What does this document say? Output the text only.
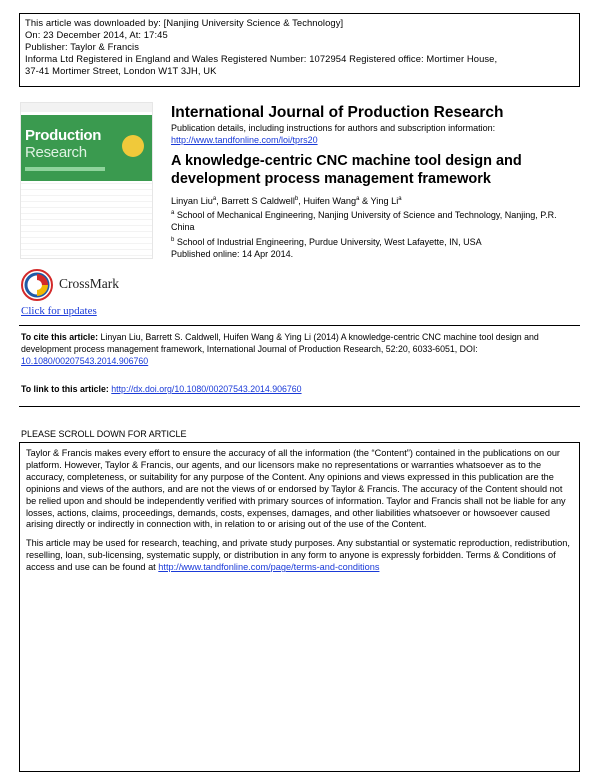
This article was downloaded by: [Nanjing University Science & Technology]
On: 23 December 2014, At: 17:45
Publisher: Taylor & Francis
Informa Ltd Registered in England and Wales Registered Number: 1072954 Registered office: Mortimer House,
37-41 Mortimer Street, London W1T 3JH, UK
Production
Research
International Journal of Production Research
Publication details, including instructions for authors and subscription information:
http://www.tandfonline.com/loi/tprs20
A knowledge-centric CNC machine tool design and development process management framework
Linyan Liu$^a$, Barrett S Caldwell$^b$, Huifen Wang$^a$ & Ying Li$^a$
$^a$ School of Mechanical Engineering, Nanjing University of Science and Technology, Nanjing, P.R. China
$^b$ School of Industrial Engineering, Purdue University, West Lafayette, IN, USA
Published online: 14 Apr 2014.
CrossMark
Click for updates
To cite this article: Linyan Liu, Barrett S. Caldwell, Huifen Wang & Ying Li (2014) A knowledge-centric CNC machine tool design and development process management framework, International Journal of Production Research, 52:20, 6033-6051, DOI: 10.1080/00207543.2014.906760
To link to this article: http://dx.doi.org/10.1080/00207543.2014.906760
PLEASE SCROLL DOWN FOR ARTICLE

Taylor & Francis makes every effort to ensure the accuracy of all the information (the “Content”) contained in the publications on our platform. However, Taylor & Francis, our agents, and our licensors make no representations or warranties whatsoever as to the accuracy, completeness, or suitability for any purpose of the Content. Any opinions and views expressed in this publication are the opinions and views of the authors, and are not the views of or endorsed by Taylor & Francis. The accuracy of the Content should not be relied upon and should be independently verified with primary sources of information. Taylor and Francis shall not be liable for any losses, actions, claims, proceedings, demands, costs, expenses, damages, and other liabilities whatsoever or howsoever caused arising directly or indirectly in connection with, in relation to or arising out of the use of the Content.

This article may be used for research, teaching, and private study purposes. Any substantial or systematic reproduction, redistribution, reselling, loan, sub-licensing, systematic supply, or distribution in any form to anyone is expressly forbidden. Terms & Conditions of access and use can be found at http://www.tandfonline.com/page/terms-and-conditions
